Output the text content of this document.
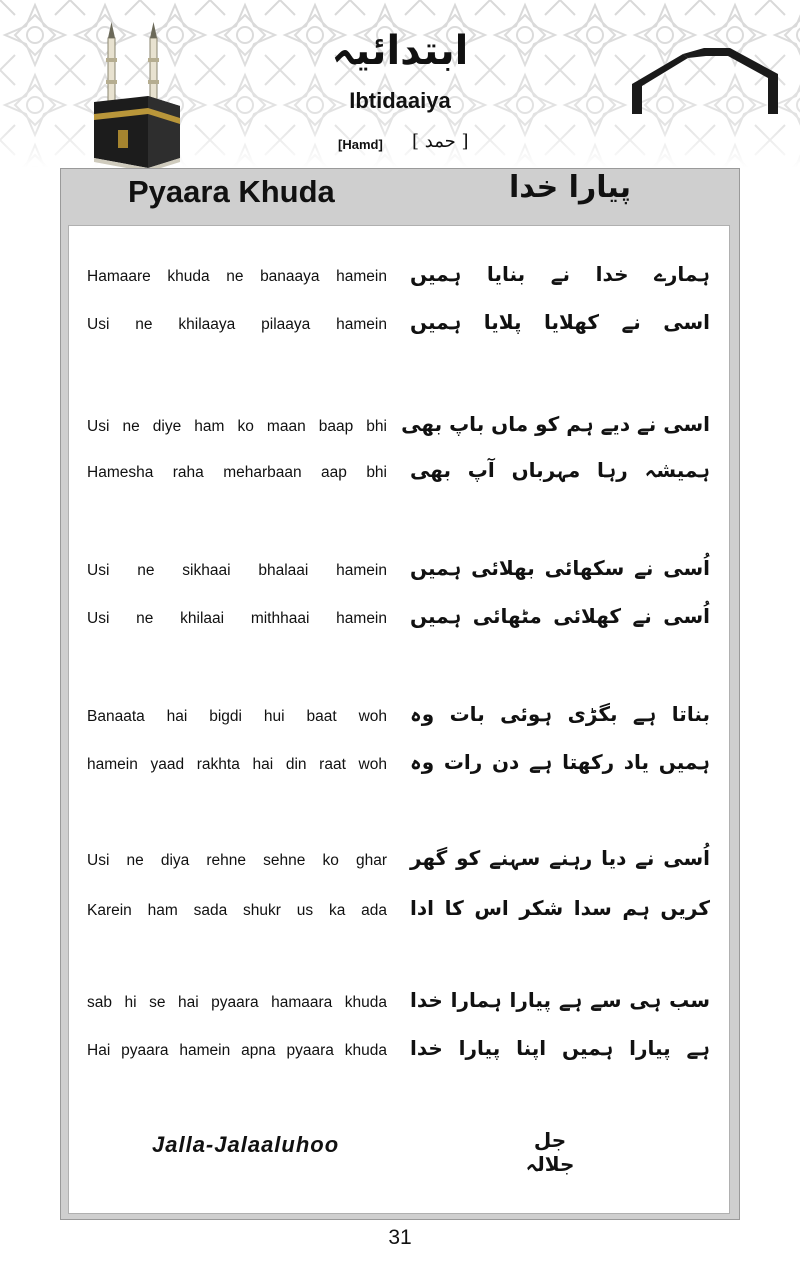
ابتدائیہ
Ibtidaaiya
[Hamd] [ حمد ]
Pyaara Khuda	پیارا خدا
Hamaare khuda ne banaaya hamein ہمارے خدا نے بنایا ہمیں
Usi ne khilaaya pilaaya hamein اسی نے کھلایا پلایا ہمیں
Usi ne diye ham ko maan baap bhi اسی نے دیے ہم کو ماں باپ بھی
Hamesha raha meharbaan aap bhi ہمیشہ رہا مہرباں آپ بھی
Usi ne sikhaai bhalaai hamein اُسی نے سکھائی بھلائی ہمیں
Usi ne khilaai mithhaai hamein اُسی نے کھلائی مٹھائی ہمیں
Banaata hai bigdi hui baat woh بناتا ہے بگڑی ہوئی بات وہ
hamein yaad rakhta hai din raat woh ہمیں یاد رکھتا ہے دن رات وہ
Usi ne diya rehne sehne ko ghar اُسی نے دیا رہنے سہنے کو گھر
Karein ham sada shukr us ka ada کریں ہم سدا شکر اس کا ادا
sab hi se hai pyaara hamaara khuda سب ہی سے ہے پیارا ہمارا خدا
Hai pyaara hamein apna pyaara khuda ہے پیارا ہمیں اپنا پیارا خدا
Jalla-Jalaaluhoo	جل جلالہ
31
